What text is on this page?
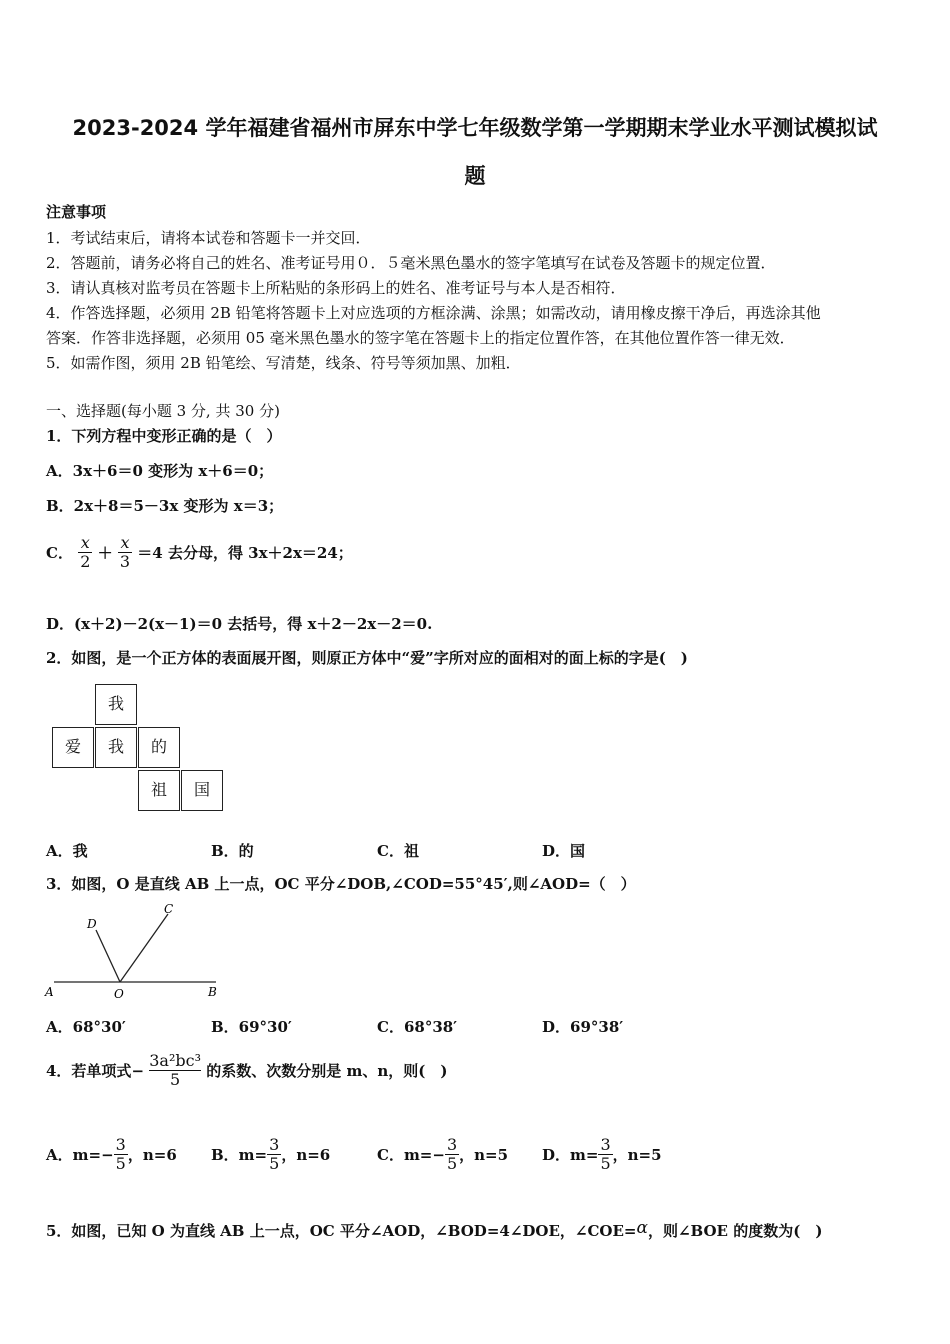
2023-2024 学年福建省福州市屏东中学七年级数学第一学期期末学业水平测试模拟试
题
注意事项
1．考试结束后，请将本试卷和答题卡一并交回．
2．答题前，请务必将自己的姓名、准考证号用０．５毫米黑色墨水的签字笔填写在试卷及答题卡的规定位置．
3．请认真核对监考员在答题卡上所粘贴的条形码上的姓名、准考证号与本人是否相符．
4．作答选择题，必须用 2B 铅笔将答题卡上对应选项的方框涂满、涂黑；如需改动，请用橡皮擦干净后，再选涂其他
答案．作答非选择题，必须用 05 毫米黑色墨水的签字笔在答题卡上的指定位置作答，在其他位置作答一律无效．
5．如需作图，须用 2B 铅笔绘、写清楚，线条、符号等须加黑、加粗．
一、选择题(每小题 3 分, 共 30 分)
1．下列方程中变形正确的是（　）
A．3x＋6＝0 变形为 x＋6＝0；
B．2x＋8＝5－3x 变形为 x＝3；
C． $\frac{x}{2} + \frac{x}{3} =4$ 去分母，得 3x＋2x＝24；
D．(x＋2)－2(x－1)＝0 去括号，得 x＋2－2x－2＝0.
2．如图，是一个正方体的表面展开图，则原正方体中“爱”字所对应的面相对的面上标的字是(　)
我
爱	我	的
祖	国
A．我	B．的	C．祖	D．国
3．如图，O 是直线 AB 上一点，OC 平分∠DOB,∠COD=55°45′,则∠AOD=（　）
A	O	B
D
C
A．68°30′	B．69°30′	C．68°38′	D．69°38′
4．若单项式− $\frac{\text{3a²bc³}}{5}$ 的系数、次数分别是 m、n，则(　)
A．$m=- \frac{3}{5}$ ，n=6 B．$m= \frac{3}{5}$ ，n=6	C．$m=- \frac{3}{5}$ ，n=5 D．$m= \frac{3}{5}$ ，n=5
5．如图，已知 O 为直线 AB 上一点，OC 平分∠AOD，∠BOD=4∠DOE，∠COE=α，则∠BOE 的度数为(　)
